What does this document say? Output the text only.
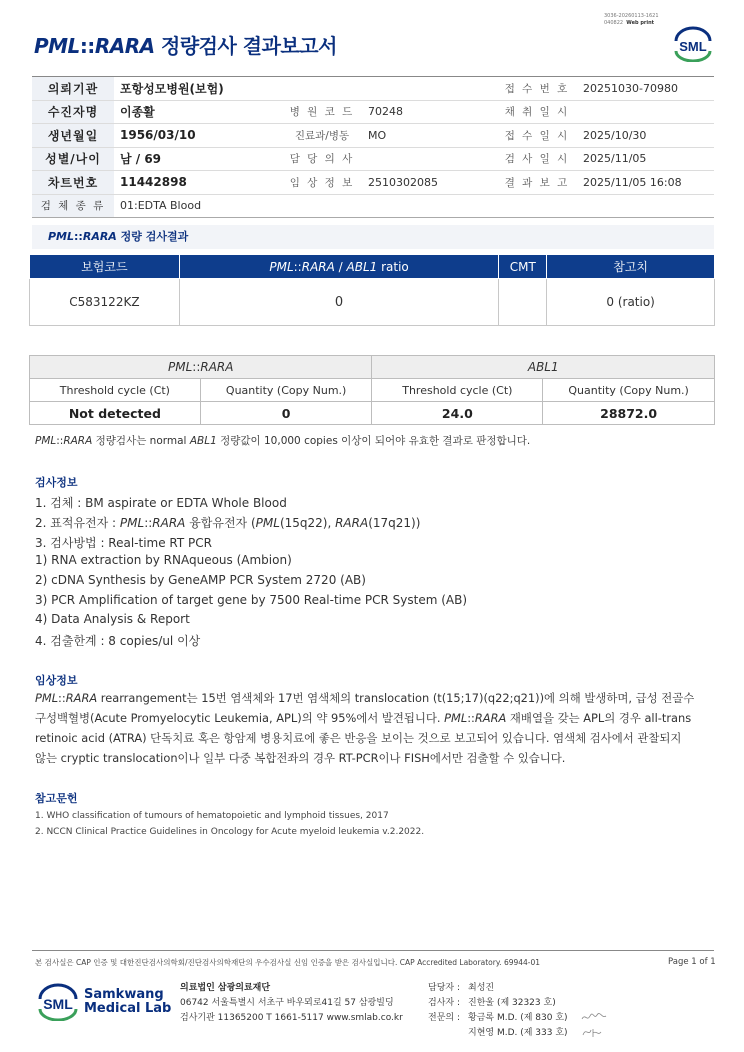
3036-20260113-1621
040822 Web print
PML::RARA 정량검사 결과보고서	SML
의뢰기관	포항성모병원(보험)			접 수 번 호	20251030-70980
수진자명	이종활	병 원 코 드	70248	채 취 일 시	
생년월일	1956/03/10	진료과/병동	MO	접 수 일 시	2025/10/30
성별/나이	남 / 69	담 당 의 사		검 사 일 시	2025/11/05
차트번호	11442898	임 상 정 보	2510302085	결 과 보 고	2025/11/05 16:08
검 체 종 류	01:EDTA Blood				
PML::RARA 정량 검사결과
보험코드	PML::RARA / ABL1 ratio	CMT	참고치
C583122KZ	0		0 (ratio)
PML::RARA		ABL1	
Threshold cycle (Ct)	Quantity (Copy Num.)	Threshold cycle (Ct)	Quantity (Copy Num.)
Not detected	0	24.0	28872.0
PML::RARA 정량검사는 normal ABL1 정량값이 10,000 copies 이상이 되어야 유효한 결과로 판정합니다.
검사정보
1. 검체 : BM aspirate or EDTA Whole Blood
2. 표적유전자 : PML::RARA 융합유전자 (PML(15q22), RARA(17q21))
3. 검사방법 : Real-time RT PCR
1) RNA extraction by RNAqueous (Ambion)
2) cDNA Synthesis by GeneAMP PCR System 2720 (AB)
3) PCR Amplification of target gene by 7500 Real-time PCR System (AB)
4) Data Analysis & Report
4. 검출한계 : 8 copies/ul 이상
임상정보
PML::RARA rearrangement는 15번 염색체와 17번 염색체의 translocation (t(15;17)(q22;q21))에 의해 발생하며, 급성 전골수구성백혈병(Acute Promyelocytic Leukemia, APL)의 약 95%에서 발견됩니다. PML::RARA 재배열을 갖는 APL의 경우 all-trans retinoic acid (ATRA) 단독치료 혹은 항암제 병용치료에 좋은 반응을 보이는 것으로 보고되어 있습니다. 염색체 검사에서 관찰되지 않는 cryptic translocation이나 일부 다중 복합전좌의 경우 RT-PCR이나 FISH에서만 검출할 수 있습니다.
참고문헌
1. WHO classification of tumours of hematopoietic and lymphoid tissues, 2017
2. NCCN Clinical Practice Guidelines in Oncology for Acute myeloid leukemia v.2.2022.
본 검사실은 CAP 인증 및 대한진단검사의학회/진단검사의학재단의 우수검사실 신임 인증을 받은 검사실입니다. CAP Accredited Laboratory. 69944-01	Page 1 of 1
SML
Samkwang
Medical Lab
의료법인 삼광의료재단
06742 서울특별시 서초구 바우뫼로41길 57 삼광빌딩
검사기관 11365200 T 1661-5117 www.smlab.co.kr
담당자 : 최성진
검사자 : 진한울 (제 32323 호)
전문의 : 황금록 M.D. (제 830 호)
지현영 M.D. (제 333 호)
